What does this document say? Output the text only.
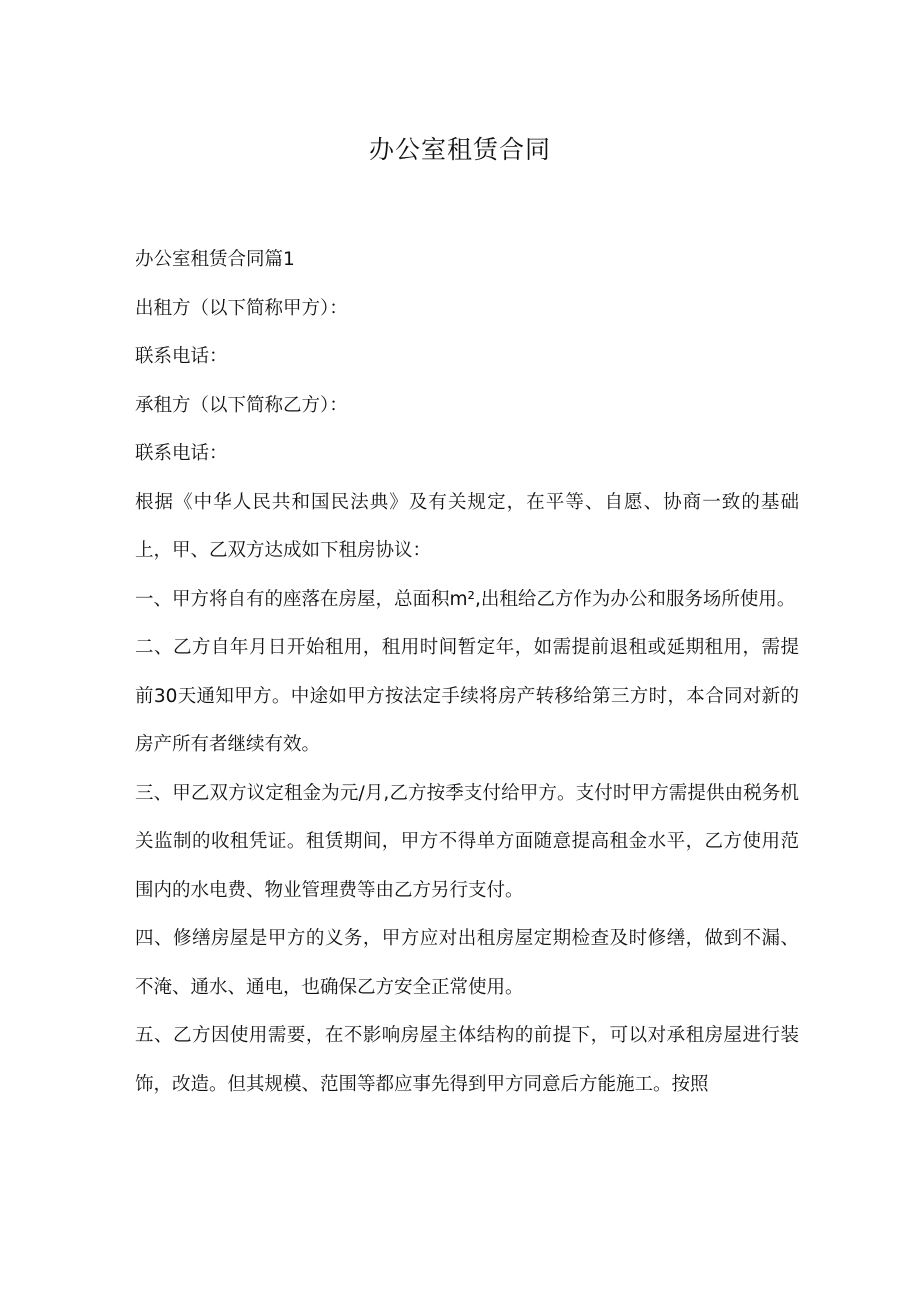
办公室租赁合同

办公室租赁合同篇1

出租方（以下简称甲方）：

联系电话：

承租方（以下简称乙方）：

联系电话：

根据《中华人民共和国民法典》及有关规定，在平等、自愿、协商一致的基础上，甲、乙双方达成如下租房协议：

一、甲方将自有的座落在房屋，总面积m²,出租给乙方作为办公和服务场所使用。

二、乙方自年月日开始租用，租用时间暂定年，如需提前退租或延期租用，需提前30天通知甲方。中途如甲方按法定手续将房产转移给第三方时，本合同对新的房产所有者继续有效。

三、甲乙双方议定租金为元/月,乙方按季支付给甲方。支付时甲方需提供由税务机关监制的收租凭证。租赁期间，甲方不得单方面随意提高租金水平，乙方使用范围内的水电费、物业管理费等由乙方另行支付。

四、修缮房屋是甲方的义务，甲方应对出租房屋定期检查及时修缮，做到不漏、不淹、通水、通电，也确保乙方安全正常使用。

五、乙方因使用需要，在不影响房屋主体结构的前提下，可以对承租房屋进行装饰，改造。但其规模、范围等都应事先得到甲方同意后方能施工。按照
